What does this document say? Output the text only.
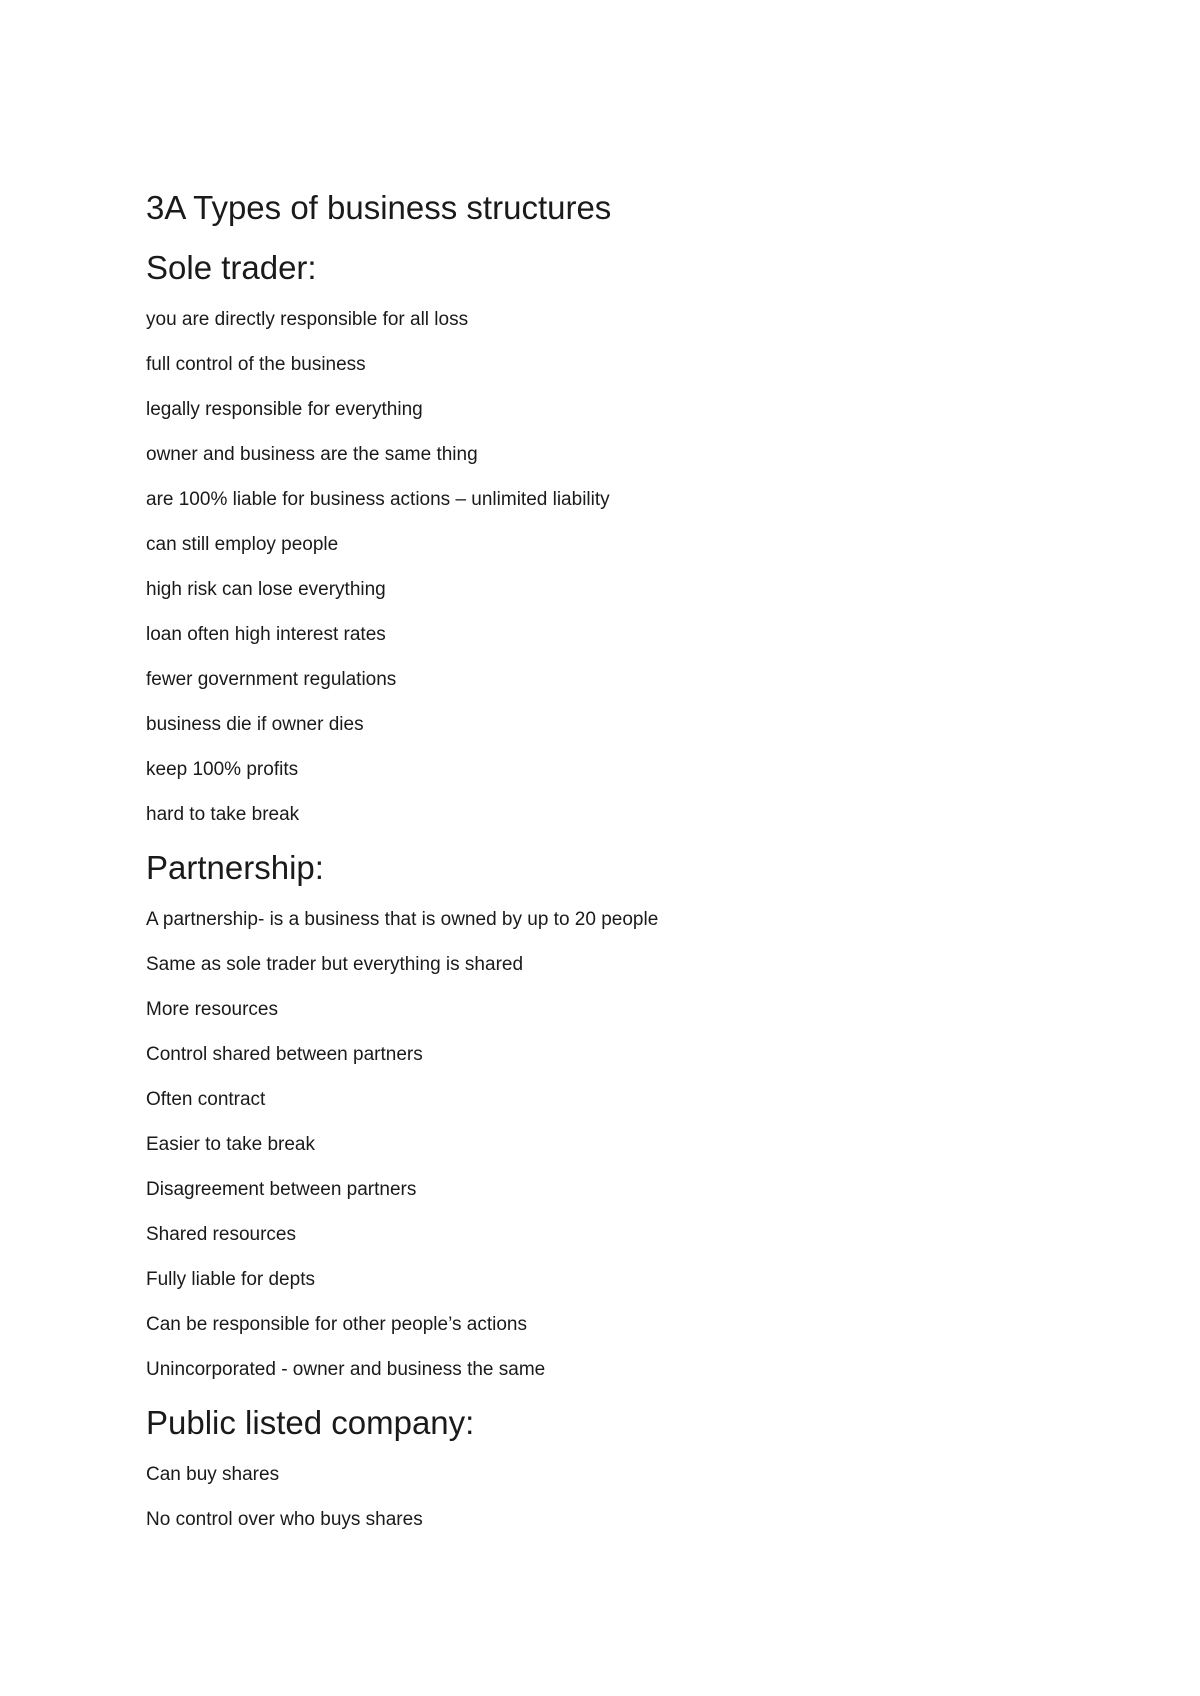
3A Types of business structures
Sole trader:
you are directly responsible for all loss
full control of the business
legally responsible for everything
owner and business are the same thing
are 100% liable for business actions – unlimited liability
can still employ people
high risk can lose everything
loan often high interest rates
fewer government regulations
business die if owner dies
keep 100% profits
hard to take break
Partnership:
A partnership- is a business that is owned by up to 20 people
Same as sole trader but everything is shared
More resources
Control shared between partners
Often contract
Easier to take break
Disagreement between partners
Shared resources
Fully liable for depts
Can be responsible for other people’s actions
Unincorporated - owner and business the same
Public listed company:
Can buy shares
No control over who buys shares
